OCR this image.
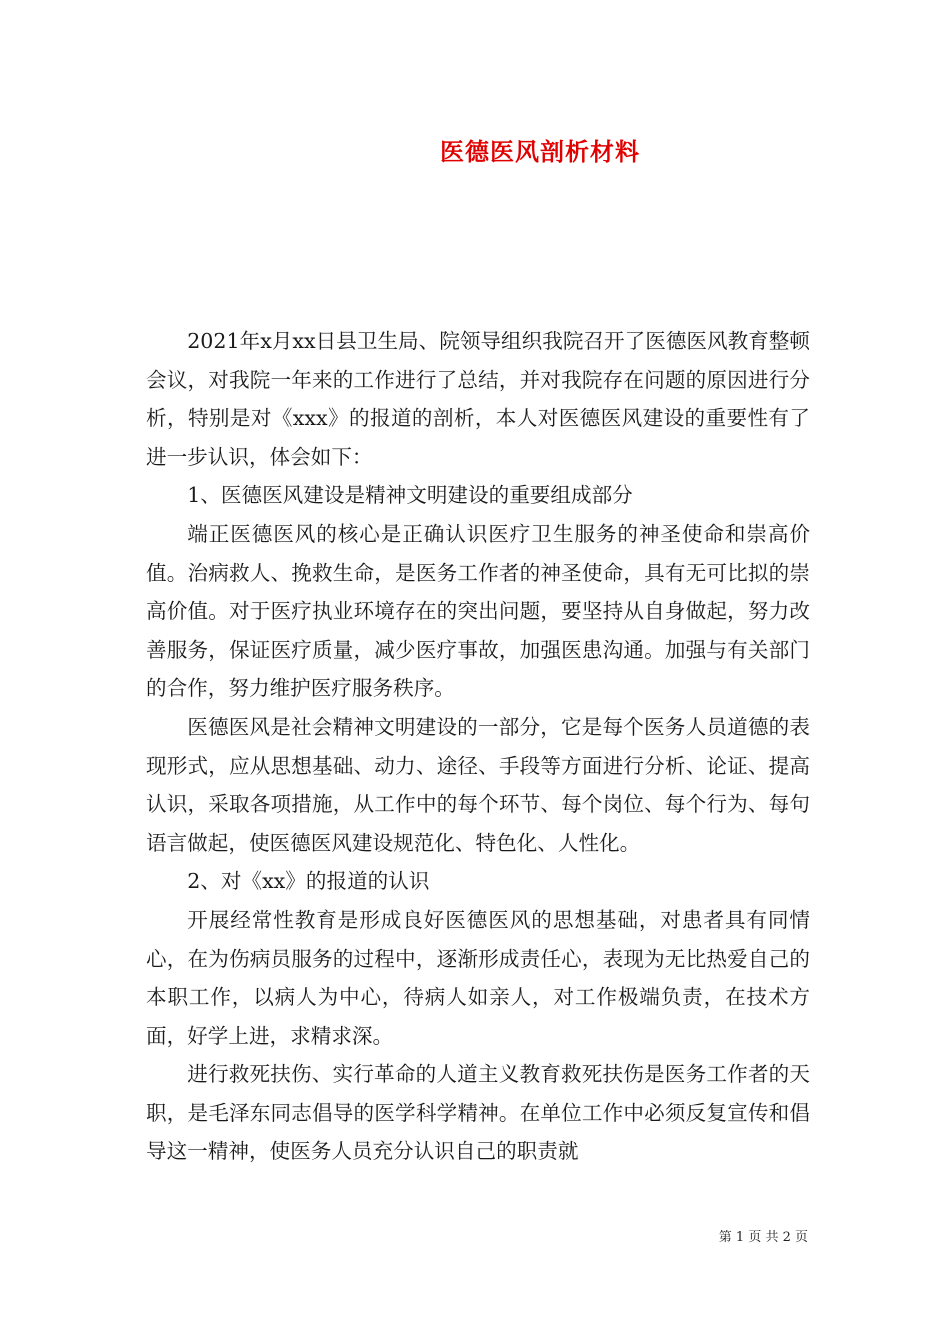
医德医风剖析材料

2021年x月xx日县卫生局、院领导组织我院召开了医德医风教育整顿会议，对我院一年来的工作进行了总结，并对我院存在问题的原因进行分析，特别是对《xxx》的报道的剖析，本人对医德医风建设的重要性有了进一步认识，体会如下：

1、医德医风建设是精神文明建设的重要组成部分

端正医德医风的核心是正确认识医疗卫生服务的神圣使命和崇高价值。治病救人、挽救生命，是医务工作者的神圣使命，具有无可比拟的崇高价值。对于医疗执业环境存在的突出问题，要坚持从自身做起，努力改善服务，保证医疗质量，减少医疗事故，加强医患沟通。加强与有关部门的合作，努力维护医疗服务秩序。

医德医风是社会精神文明建设的一部分，它是每个医务人员道德的表现形式，应从思想基础、动力、途径、手段等方面进行分析、论证、提高认识，采取各项措施，从工作中的每个环节、每个岗位、每个行为、每句语言做起，使医德医风建设规范化、特色化、人性化。

2、对《xx》的报道的认识

开展经常性教育是形成良好医德医风的思想基础，对患者具有同情心，在为伤病员服务的过程中，逐渐形成责任心，表现为无比热爱自己的本职工作，以病人为中心，待病人如亲人，对工作极端负责，在技术方面，好学上进，求精求深。

进行救死扶伤、实行革命的人道主义教育救死扶伤是医务工作者的天职，是毛泽东同志倡导的医学科学精神。在单位工作中必须反复宣传和倡导这一精神，使医务人员充分认识自己的职责就

第 1 页 共 2 页
